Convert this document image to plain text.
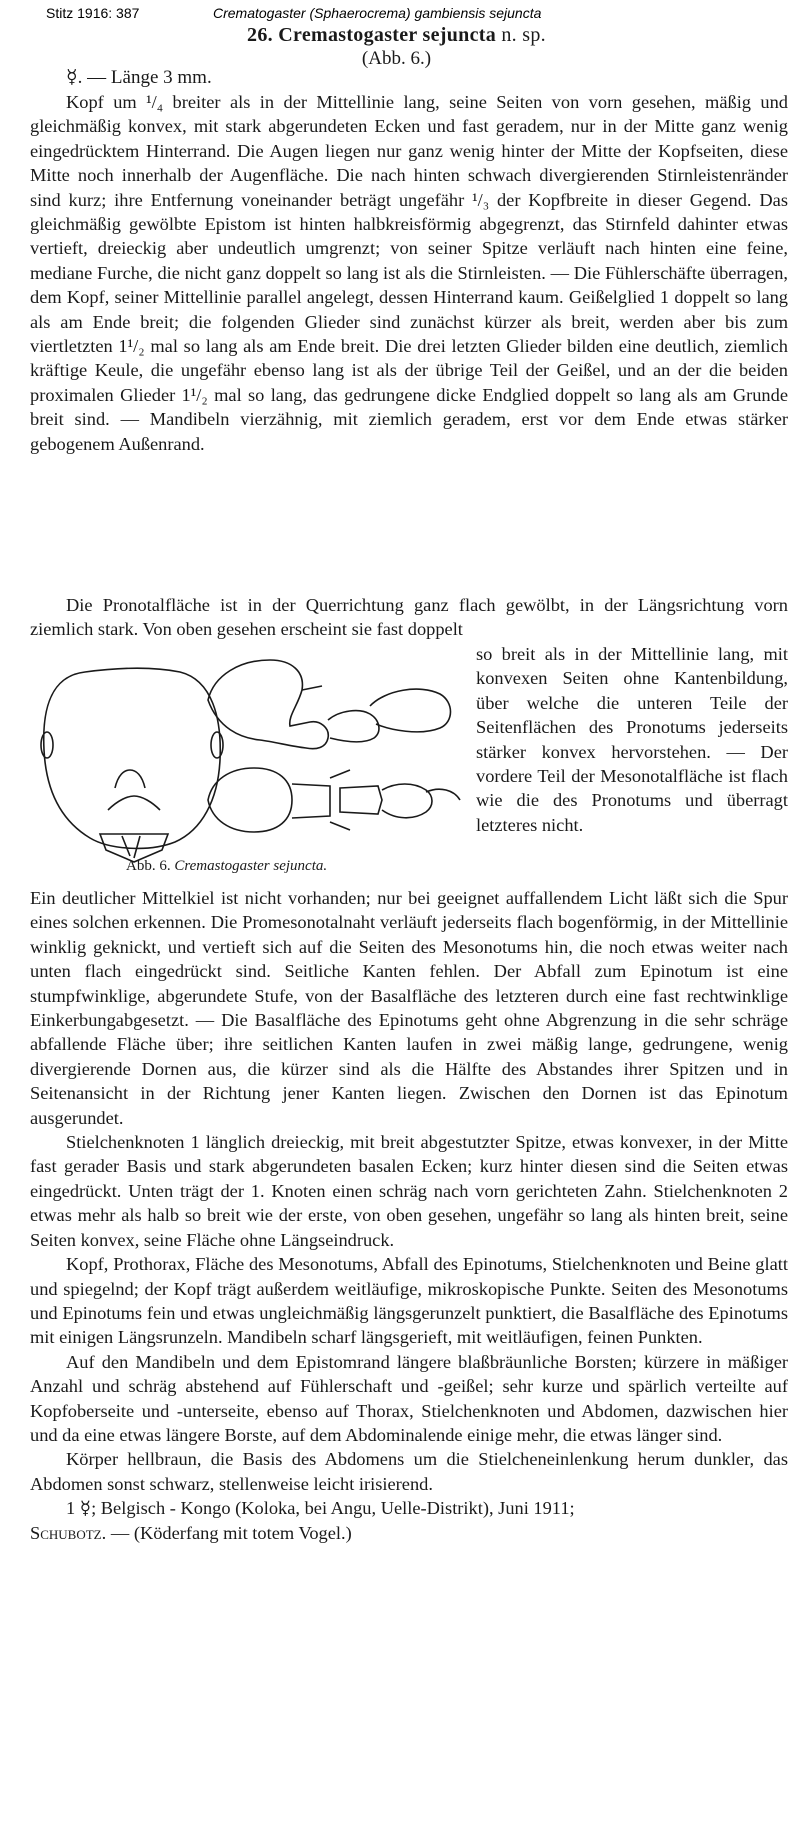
Stitz 1916: 387	Crematogaster (Sphaerocrema) gambiensis sejuncta
26. Cremastogaster sejuncta n. sp.
(Abb. 6.)
☿. — Länge 3 mm.

Kopf um ¹/₄ breiter als in der Mittellinie lang, seine Seiten von vorn gesehen, mäßig und gleichmäßig konvex, mit stark abgerundeten Ecken und fast geradem, nur in der Mitte ganz wenig eingedrücktem Hinterrand. Die Augen liegen nur ganz wenig hinter der Mitte der Kopfseiten, diese Mitte noch innerhalb der Augenfläche. Die nach hinten schwach divergierenden Stirnleistenränder sind kurz; ihre Entfernung voneinander beträgt ungefähr ¹/₃ der Kopfbreite in dieser Gegend. Das gleichmäßig gewölbte Epistom ist hinten halbkreisförmig abgegrenzt, das Stirnfeld dahinter etwas vertieft, dreieckig aber undeutlich umgrenzt; von seiner Spitze verläuft nach hinten eine feine, mediane Furche, die nicht ganz doppelt so lang ist als die Stirnleisten. — Die Fühlerschäfte überragen, dem Kopf, seiner Mittellinie parallel angelegt, dessen Hinterrand kaum. Geißelglied 1 doppelt so lang als am Ende breit; die folgenden Glieder sind zunächst kürzer als breit, werden aber bis zum viertletzten 1¹/₂ mal so lang als am Ende breit. Die drei letzten Glieder bilden eine deutlich, ziemlich kräftige Keule, die ungefähr ebenso lang ist als der übrige Teil der Geißel, und an der die beiden proximalen Glieder 1¹/₂ mal so lang, das gedrungene dicke Endglied doppelt so lang als am Grunde breit sind. — Mandibeln vierzähnig, mit ziemlich geradem, erst vor dem Ende etwas stärker gebogenem Außenrand.

Die Pronotalfläche ist in der Querrichtung ganz flach gewölbt, in der Längsrichtung vorn ziemlich stark. Von oben gesehen erscheint sie fast doppelt

Abb. 6. Cremastogaster sejuncta.

so breit als in der Mittellinie lang, mit konvexen Seiten ohne Kantenbildung, über welche die unteren Teile der Seitenflächen des Pronotums jederseits stärker konvex hervorstehen. — Der vordere Teil der Mesonotalfläche ist flach wie die des Pronotums und überragt letzteres nicht.

Ein deutlicher Mittelkiel ist nicht vorhanden; nur bei geeignet auffallendem Licht läßt sich die Spur eines solchen erkennen. Die Promesonotalnaht verläuft jederseits flach bogenförmig, in der Mittellinie winklig geknickt, und vertieft sich auf die Seiten des Mesonotums hin, die noch etwas weiter nach unten flach eingedrückt sind. Seitliche Kanten fehlen. Der Abfall zum Epinotum ist eine stumpfwinklige, abgerundete Stufe, von der Basalfläche des letzteren durch eine fast rechtwinklige Einkerbungabgesetzt. — Die Basalfläche des Epinotums geht ohne Abgrenzung in die sehr schräge abfallende Fläche über; ihre seitlichen Kanten laufen in zwei mäßig lange, gedrungene, wenig divergierende Dornen aus, die kürzer sind als die Hälfte des Abstandes ihrer Spitzen und in Seitenansicht in der Richtung jener Kanten liegen. Zwischen den Dornen ist das Epinotum ausgerundet.

Stielchenknoten 1 länglich dreieckig, mit breit abgestutzter Spitze, etwas konvexer, in der Mitte fast gerader Basis und stark abgerundeten basalen Ecken; kurz hinter diesen sind die Seiten etwas eingedrückt. Unten trägt der 1. Knoten einen schräg nach vorn gerichteten Zahn. Stielchenknoten 2 etwas mehr als halb so breit wie der erste, von oben gesehen, ungefähr so lang als hinten breit, seine Seiten konvex, seine Fläche ohne Längseindruck.

Kopf, Prothorax, Fläche des Mesonotums, Abfall des Epinotums, Stielchenknoten und Beine glatt und spiegelnd; der Kopf trägt außerdem weitläufige, mikroskopische Punkte. Seiten des Mesonotums und Epinotums fein und etwas ungleichmäßig längsgerunzelt punktiert, die Basalfläche des Epinotums mit einigen Längsrunzeln. Mandibeln scharf längsgerieft, mit weitläufigen, feinen Punkten.

Auf den Mandibeln und dem Epistomrand längere blaßbräunliche Borsten; kürzere in mäßiger Anzahl und schräg abstehend auf Fühlerschaft und -geißel; sehr kurze und spärlich verteilte auf Kopfoberseite und -unterseite, ebenso auf Thorax, Stielchenknoten und Abdomen, dazwischen hier und da eine etwas längere Borste, auf dem Abdominalende einige mehr, die etwas länger sind.

Körper hellbraun, die Basis des Abdomens um die Stielcheneinlenkung herum dunkler, das Abdomen sonst schwarz, stellenweise leicht irisierend.

1 ☿; Belgisch - Kongo (Koloka, bei Angu, Uelle-Distrikt), Juni 1911;

Schubotz. — (Köderfang mit totem Vogel.)
